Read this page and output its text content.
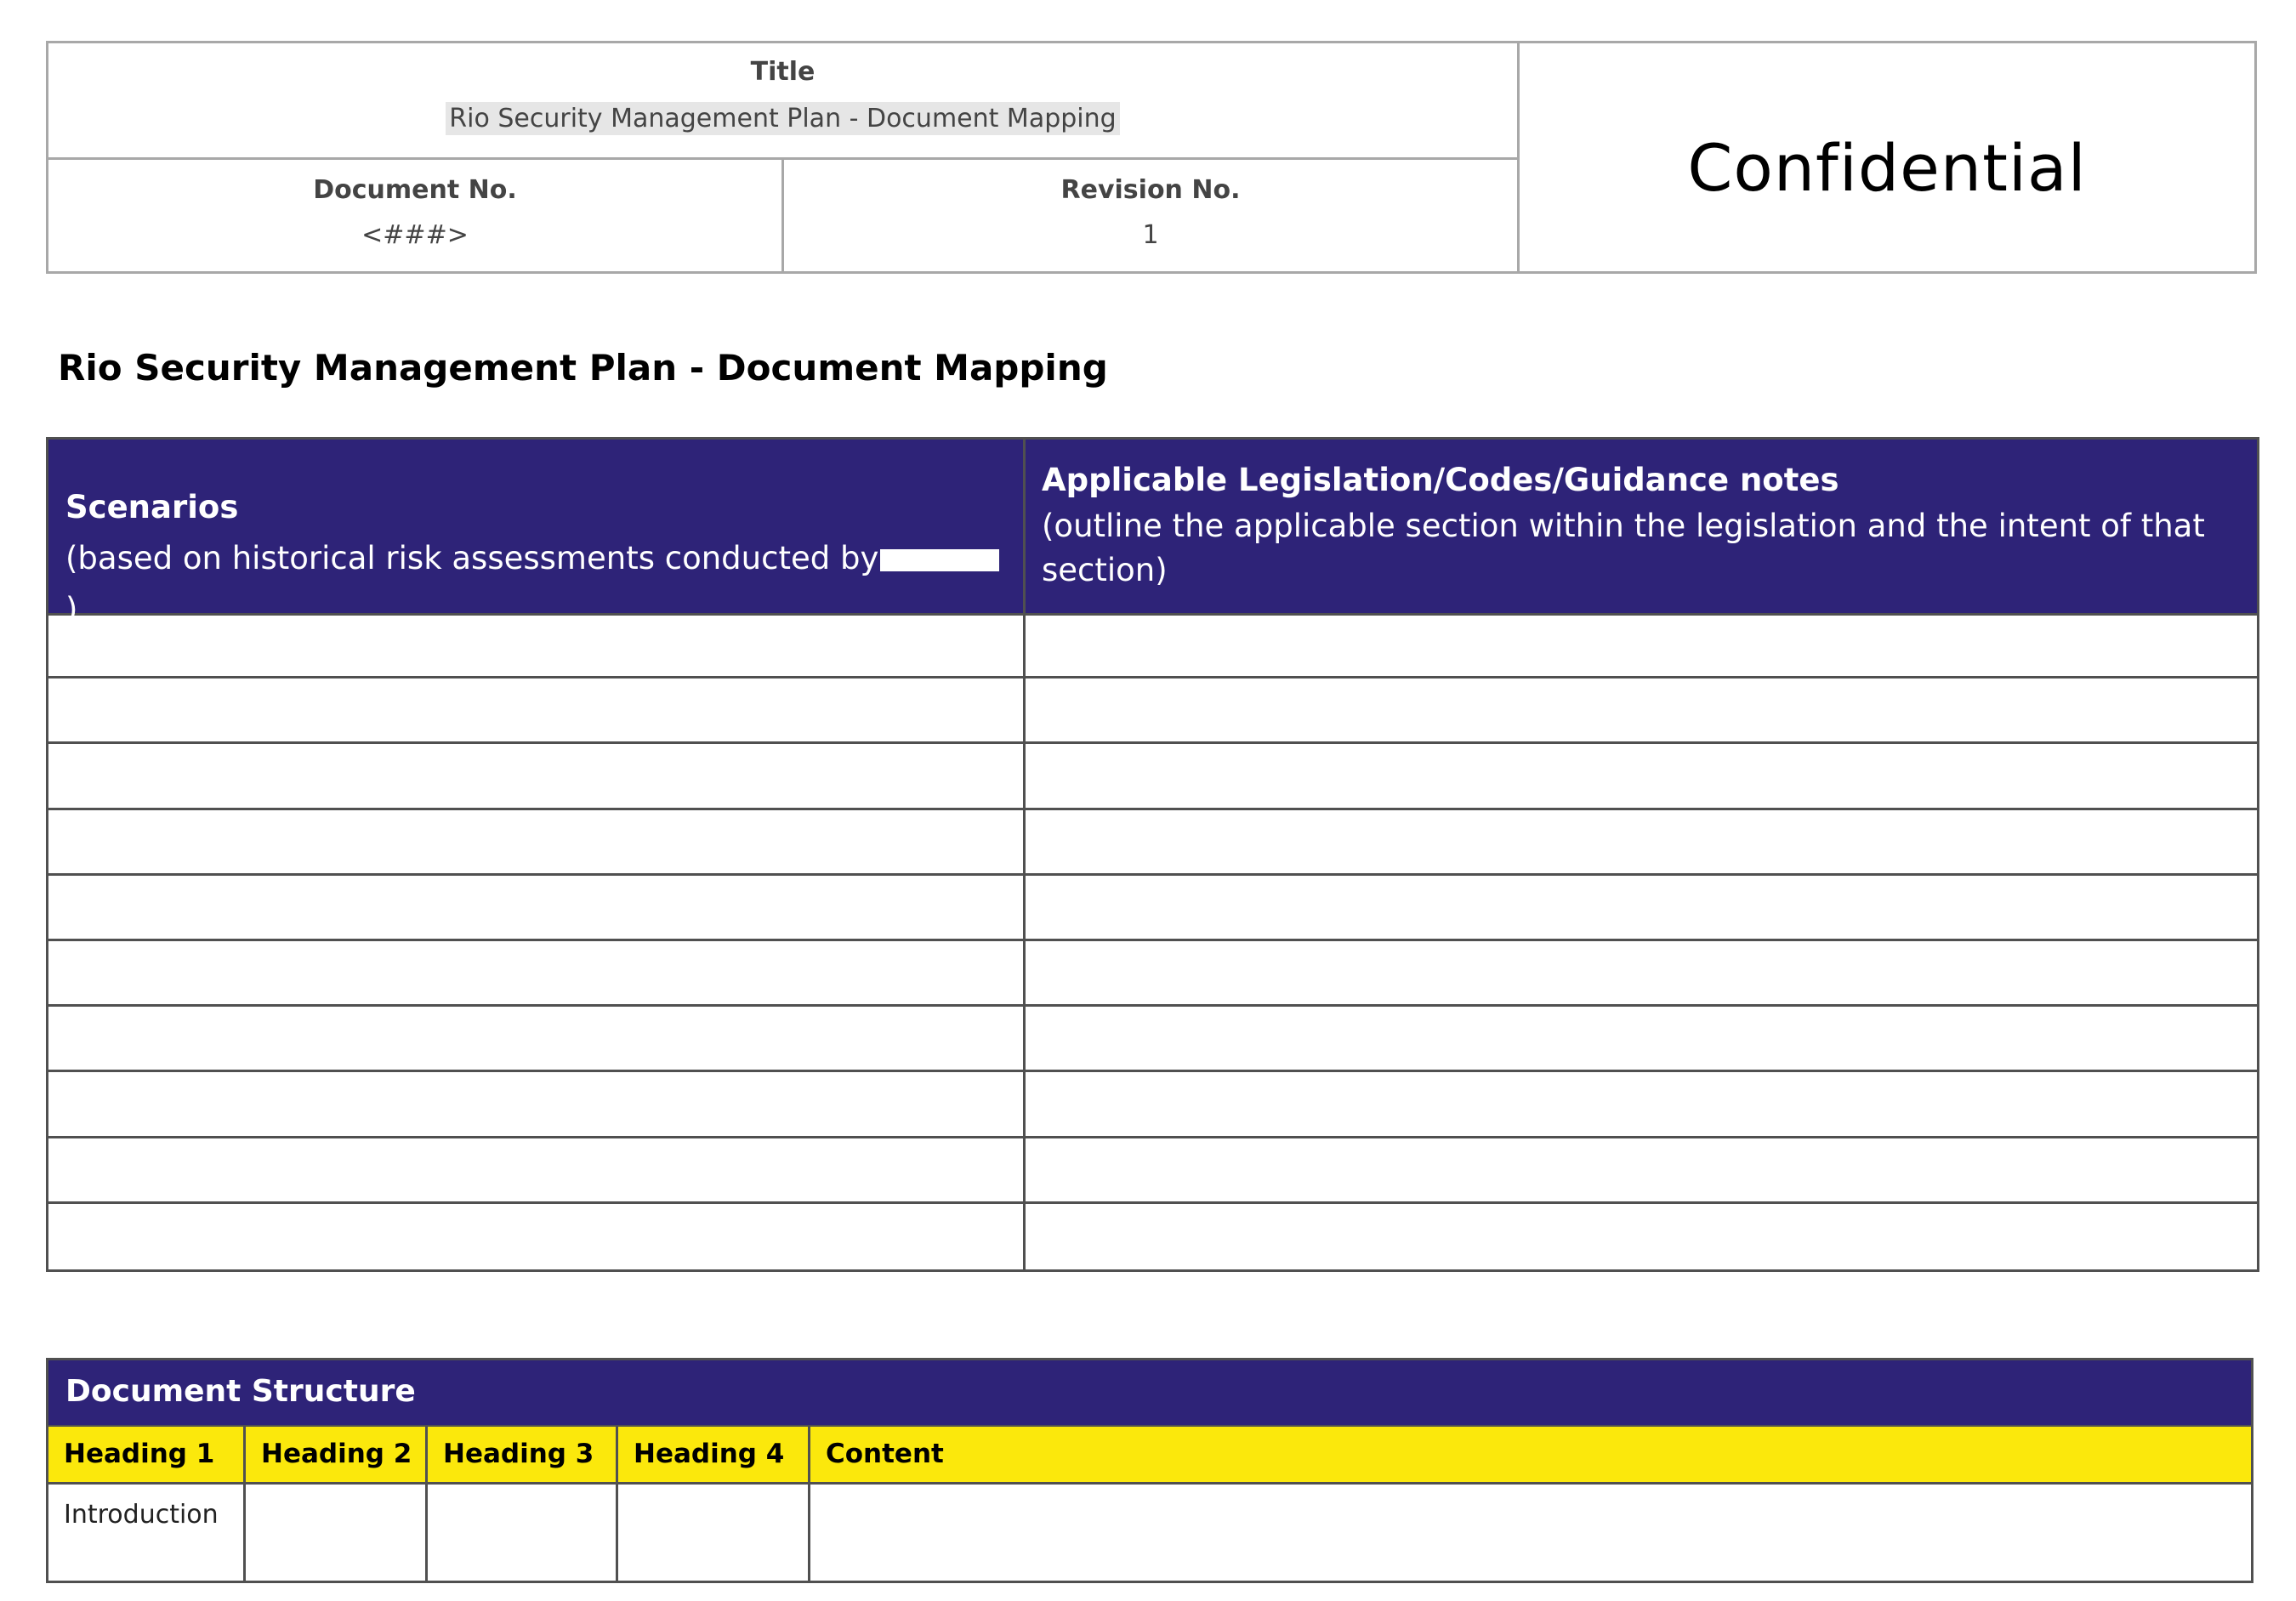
Title
Rio Security Management Plan - Document Mapping
Document No.
<###>
Revision No.
1
Confidential
Rio Security Management Plan - Document Mapping
Scenarios
(based on historical risk assessments conducted by)
Applicable Legislation/Codes/Guidance notes
(outline the applicable section within the legislation and the intent of that section)
Document Structure
Heading 1 Heading 2 Heading 3 Heading 4 Content
Introduction
